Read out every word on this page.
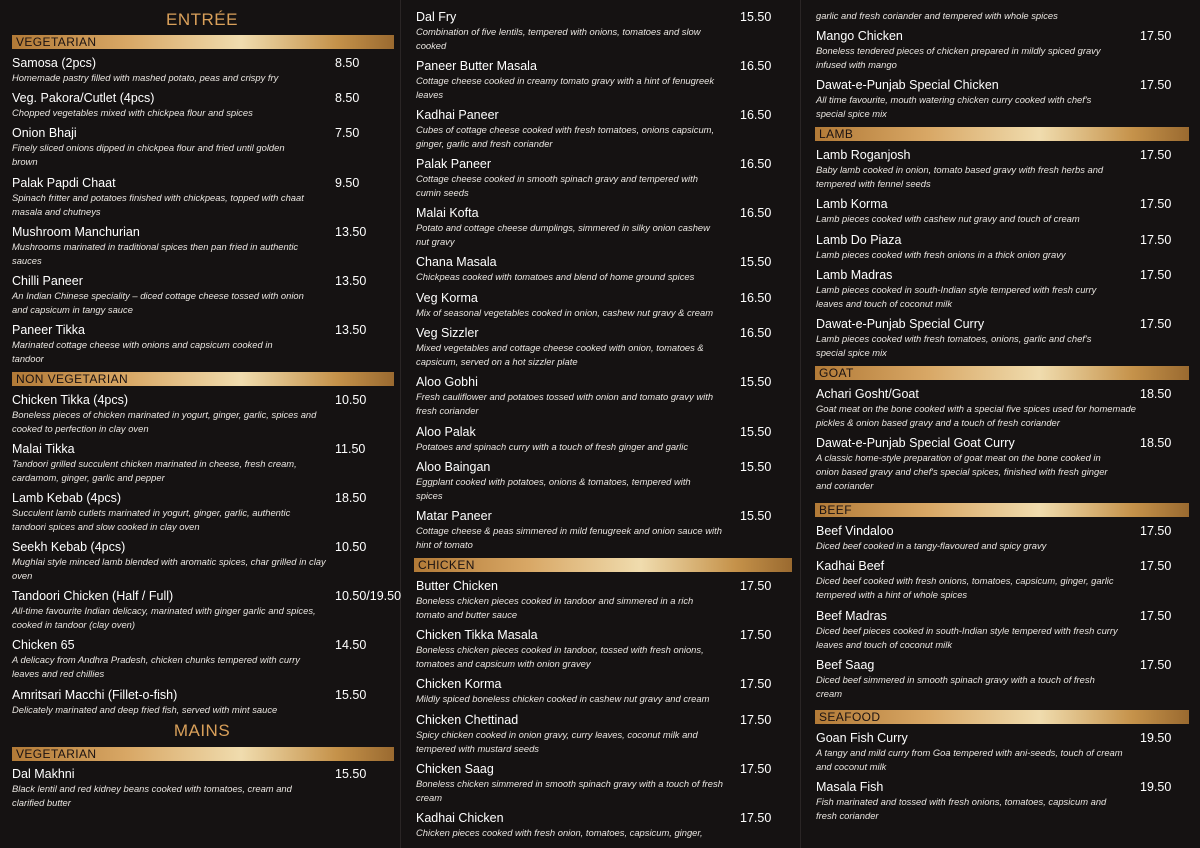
ENTRÉE
VEGETARIAN
Samosa (2pcs)
Homemade pastry filled with mashed potato, peas and crispy fry
8.50
Veg. Pakora/Cutlet (4pcs)
Chopped vegetables mixed with chickpea flour and spices
8.50
Onion Bhaji
Finely sliced onions dipped in chickpea flour and fried until golden brown
7.50
Palak Papdi Chaat
Spinach fritter and potatoes finished with chickpeas, topped with chaat masala and chutneys
9.50
Mushroom Manchurian
Mushrooms marinated in traditional spices then pan fried in authentic sauces
13.50
Chilli Paneer
An Indian Chinese speciality – diced cottage cheese tossed with onion and capsicum in tangy sauce
13.50
Paneer Tikka
Marinated cottage cheese with onions and capsicum cooked in tandoor
13.50
NON VEGETARIAN
Chicken Tikka (4pcs)
Boneless pieces of chicken marinated in yogurt, ginger, garlic, spices and cooked to perfection in clay oven
10.50
Malai Tikka
Tandoori grilled succulent chicken marinated in cheese, fresh cream, cardamom, ginger, garlic and pepper
11.50
Lamb Kebab (4pcs)
Succulent lamb cutlets marinated in yogurt, ginger, garlic, authentic tandoori spices and slow cooked in clay oven
18.50
Seekh Kebab (4pcs)
Mughlai style minced lamb blended with aromatic spices, char grilled in clay oven
10.50
Tandoori Chicken (Half / Full)
All-time favourite Indian delicacy, marinated with ginger garlic and spices, cooked in tandoor (clay oven)
10.50/19.50
Chicken 65
A delicacy from Andhra Pradesh, chicken chunks tempered with curry leaves and red chillies
14.50
Amritsari Macchi (Fillet-o-fish)
Delicately marinated and deep fried fish, served with mint sauce
15.50
MAINS
VEGETARIAN
Dal Makhni
Black lentil and red kidney beans cooked with tomatoes, cream and clarified butter
15.50
Dal Fry
Combination of five lentils, tempered with onions, tomatoes and slow cooked
15.50
Paneer Butter Masala
Cottage cheese cooked in creamy tomato gravy with a hint of fenugreek leaves
16.50
Kadhai Paneer
Cubes of cottage cheese cooked with fresh tomatoes, onions capsicum, ginger, garlic and fresh coriander
16.50
Palak Paneer
Cottage cheese cooked in smooth spinach gravy and tempered with cumin seeds
16.50
Malai Kofta
Potato and cottage cheese dumplings, simmered in silky onion cashew nut gravy
16.50
Chana Masala
Chickpeas cooked with tomatoes and blend of home ground spices
15.50
Veg Korma
Mix of seasonal vegetables cooked in onion, cashew nut gravy & cream
16.50
Veg Sizzler
Mixed vegetables and cottage cheese cooked with onion, tomatoes & capsicum, served on a hot sizzler plate
16.50
Aloo Gobhi
Fresh cauliflower and potatoes tossed with onion and tomato gravy with fresh coriander
15.50
Aloo Palak
Potatoes and spinach curry with a touch of fresh ginger and garlic
15.50
Aloo Baingan
Eggplant cooked with potatoes, onions & tomatoes, tempered with spices
15.50
Matar Paneer
Cottage cheese & peas simmered in mild fenugreek and onion sauce with hint of tomato
15.50
CHICKEN
Butter Chicken
Boneless chicken pieces cooked in tandoor and simmered in a rich tomato and butter sauce
17.50
Chicken Tikka Masala
Boneless chicken pieces cooked in tandoor, tossed with fresh onions, tomatoes and capsicum with onion gravey
17.50
Chicken Korma
Mildly spiced boneless chicken cooked in cashew nut gravy and cream
17.50
Chicken Chettinad
Spicy chicken cooked in onion gravy, curry leaves, coconut milk and tempered with mustard seeds
17.50
Chicken Saag
Boneless chicken simmered in smooth spinach gravy with a touch of fresh cream
17.50
Kadhai Chicken
Chicken pieces cooked with fresh onion, tomatoes, capsicum, ginger,
17.50
garlic and fresh coriander and tempered with whole spices
Mango Chicken
Boneless tendered pieces of chicken prepared in mildly spiced gravy infused with mango
17.50
Dawat-e-Punjab Special Chicken
All time favourite, mouth watering chicken curry cooked with chef's special spice mix
17.50
LAMB
Lamb Roganjosh
Baby lamb cooked in onion, tomato based gravy with fresh herbs and tempered with fennel seeds
17.50
Lamb Korma
Lamb pieces cooked with cashew nut gravy and touch of cream
17.50
Lamb Do Piaza
Lamb pieces cooked with fresh onions in a thick onion gravy
17.50
Lamb Madras
Lamb pieces cooked in south-Indian style tempered with fresh curry leaves and touch of coconut milk
17.50
Dawat-e-Punjab Special Curry
Lamb pieces cooked with fresh tomatoes, onions, garlic and chef's special spice mix
17.50
GOAT
Achari Gosht/Goat
Goat meat on the bone cooked with a special five spices used for homemade pickles & onion based gravy and a touch of fresh coriander
18.50
Dawat-e-Punjab Special Goat Curry
A classic home-style preparation of goat meat on the bone cooked in onion based gravy and chef's special spices, finished with fresh ginger and coriander
18.50
BEEF
Beef Vindaloo
Diced beef cooked in a tangy-flavoured and spicy gravy
17.50
Kadhai Beef
Diced beef cooked with fresh onions, tomatoes, capsicum, ginger, garlic tempered with a hint of whole spices
17.50
Beef Madras
Diced beef pieces cooked in south-Indian style tempered with fresh curry leaves and touch of coconut milk
17.50
Beef Saag
Diced beef simmered in smooth spinach gravy with a touch of fresh cream
17.50
SEAFOOD
Goan Fish Curry
A tangy and mild curry from Goa tempered with ani-seeds, touch of cream and coconut milk
19.50
Masala Fish
Fish marinated and tossed with fresh onions, tomatoes, capsicum and fresh coriander
19.50
